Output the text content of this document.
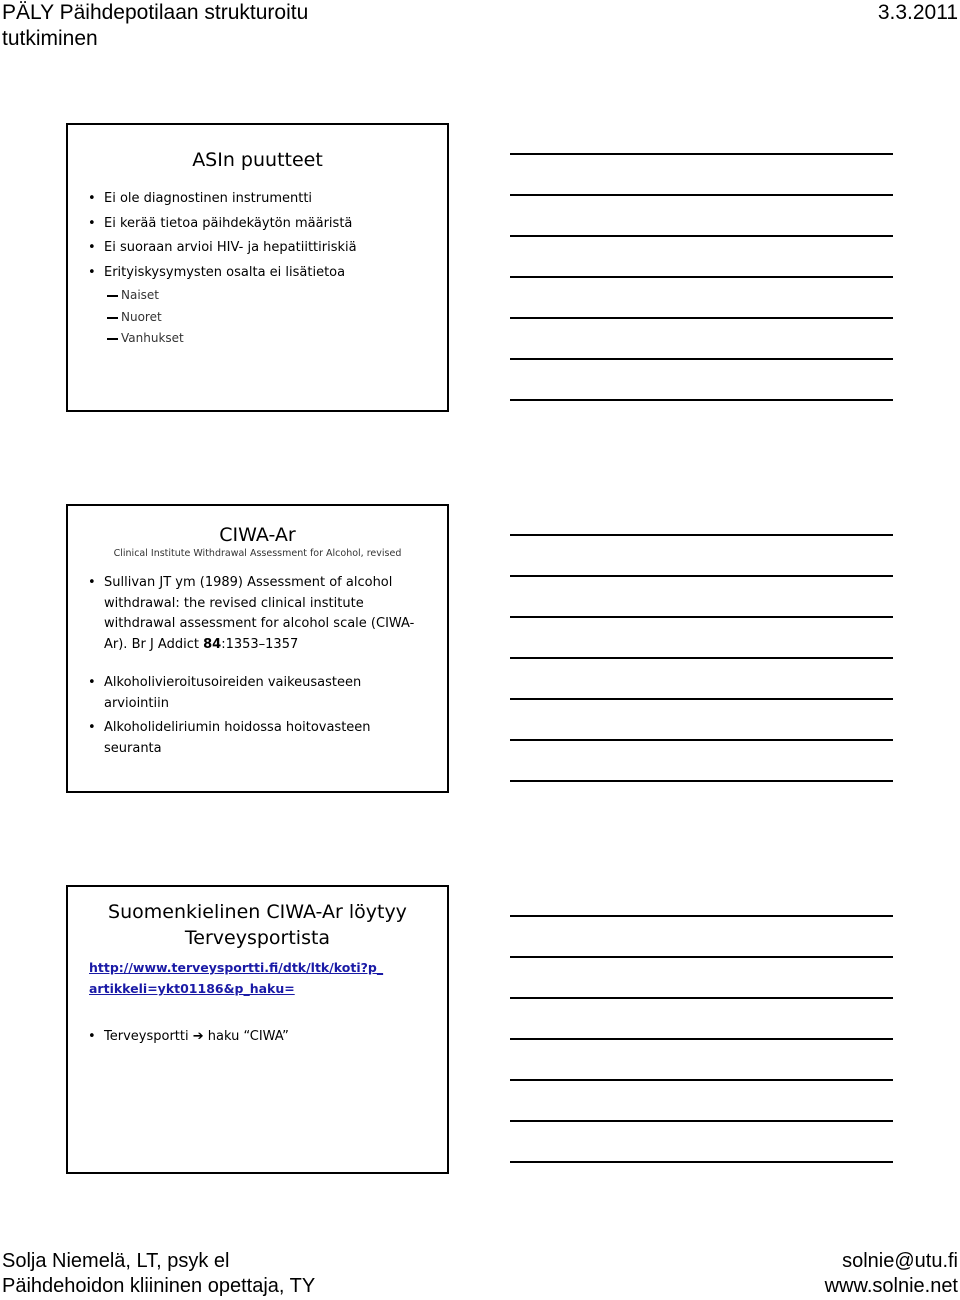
PÄLY Päihdepotilaan strukturoitu tutkiminen
3.3.2011
ASIn puutteet
• Ei ole diagnostinen instrumentti
• Ei kerää tietoa päihdekäytön määristä
• Ei suoraan arvioi HIV- ja hepatiittiriskiä
• Erityiskysymysten osalta ei lisätietoa
Naiset
Nuoret
Vanhukset
CIWA-Ar
Clinical Institute Withdrawal Assessment for Alcohol, revised
• Sullivan JT ym (1989) Assessment of alcohol withdrawal: the revised clinical institute withdrawal assessment for alcohol scale (CIWA-Ar). Br J Addict 84:1353–1357
• Alkoholivieroitusoireiden vaikeusasteen arviointiin
• Alkoholideliriumin hoidossa hoitovasteen seuranta
Suomenkielinen CIWA-Ar löytyy Terveysportista
http://www.terveysportti.fi/dtk/ltk/koti?p_artikkeli=ykt01186&p_haku=
• Terveysportti ➔ haku “CIWA”
Solja Niemelä, LT, psyk el
Päihdehoidon kliininen opettaja, TY
solnie@utu.fi
www.solnie.net
